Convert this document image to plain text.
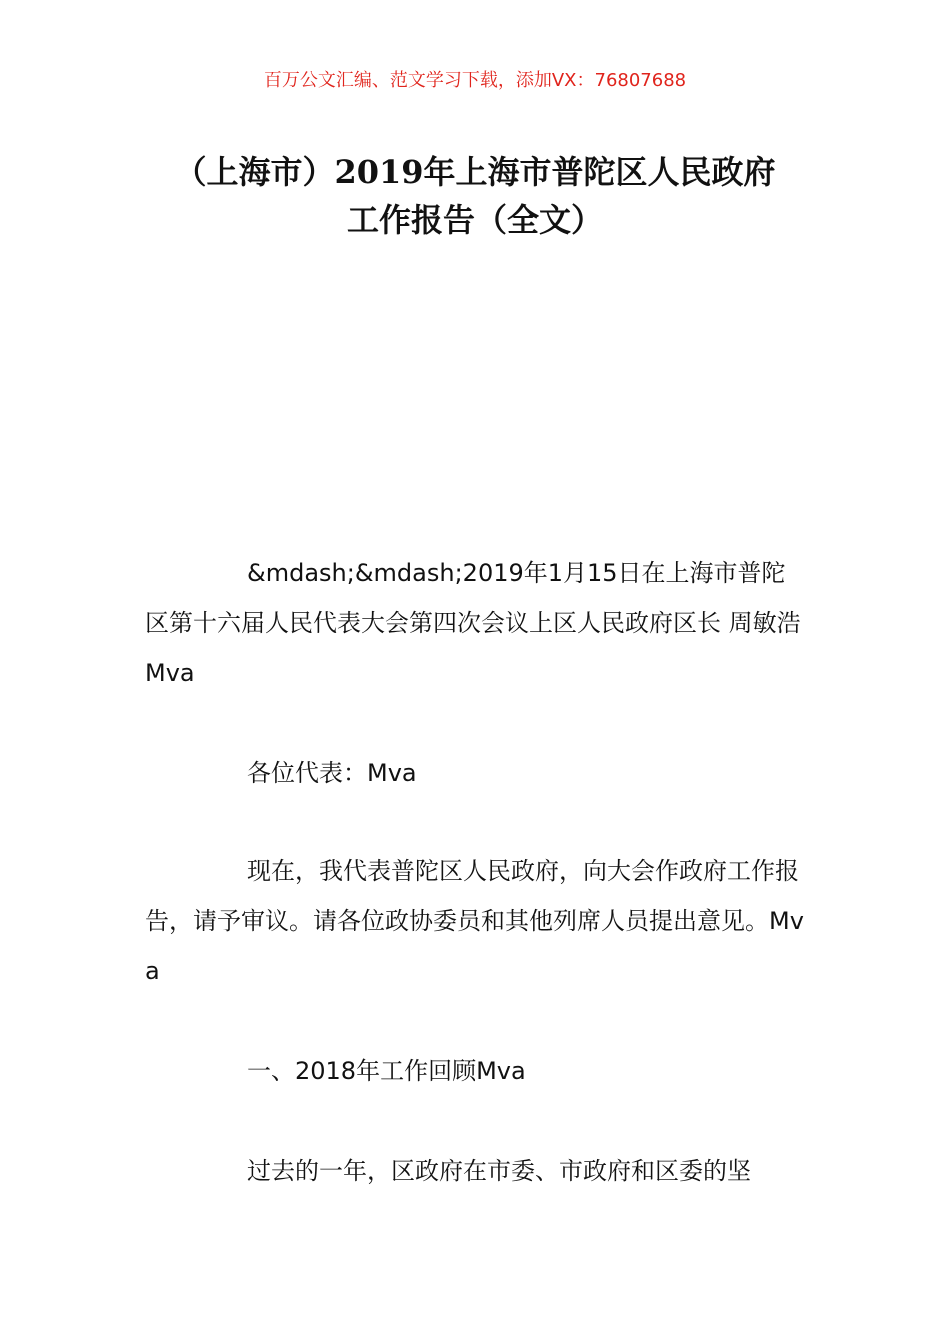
百万公文汇编、范文学习下载，添加VX：76807688
（上海市）2019年上海市普陀区人民政府
工作报告（全文）

&mdash;&mdash;2019年1月15日在上海市普陀区第十六届人民代表大会第四次会议上区人民政府区长 周敏浩Mva

各位代表：Mva

现在，我代表普陀区人民政府，向大会作政府工作报告，请予审议。请各位政协委员和其他列席人员提出意见。Mva

一、2018年工作回顾Mva

过去的一年，区政府在市委、市政府和区委的坚
